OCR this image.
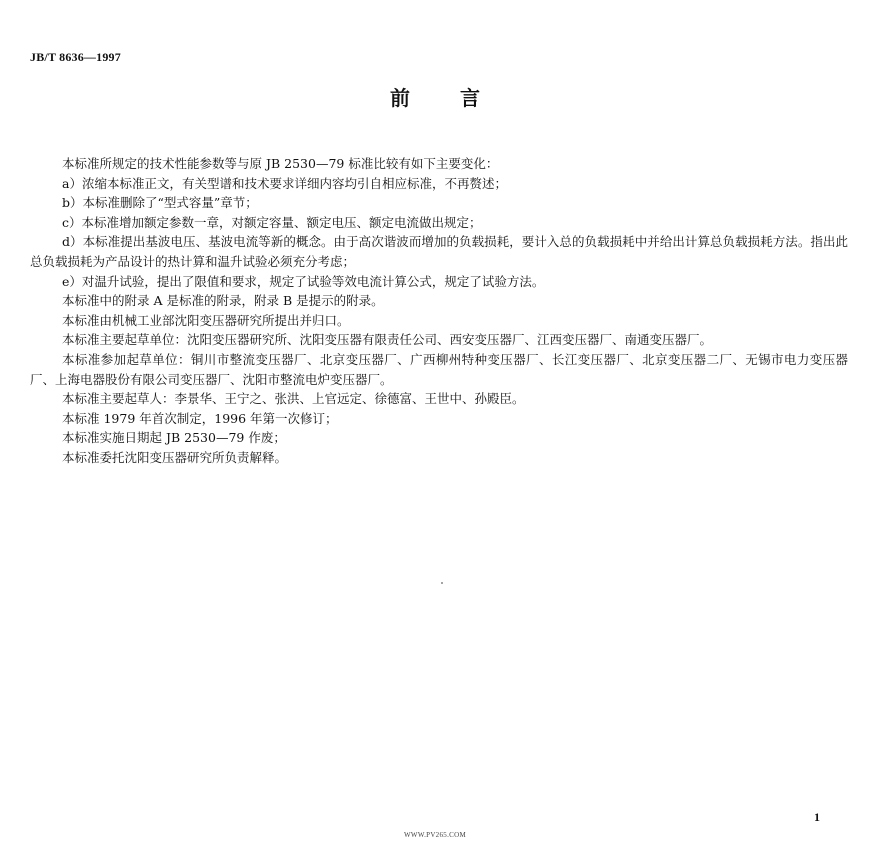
JB/T 8636—1997
前	言

本标准所规定的技术性能参数等与原 JB 2530—79 标准比较有如下主要变化：

a）浓缩本标准正文，有关型谱和技术要求详细内容均引自相应标准，不再赘述；

b）本标准删除了“型式容量”章节；

c）本标准增加额定参数一章，对额定容量、额定电压、额定电流做出规定；

d）本标准提出基波电压、基波电流等新的概念。由于高次谐波而增加的负载损耗，要计入总的负载损耗中并给出计算总负载损耗方法。指出此总负载损耗为产品设计的热计算和温升试验必须充分考虑；

e）对温升试验，提出了限值和要求，规定了试验等效电流计算公式，规定了试验方法。

本标准中的附录 A 是标准的附录，附录 B 是提示的附录。

本标准由机械工业部沈阳变压器研究所提出并归口。

本标准主要起草单位：沈阳变压器研究所、沈阳变压器有限责任公司、西安变压器厂、江西变压器厂、南通变压器厂。

本标准参加起草单位：铜川市整流变压器厂、北京变压器厂、广西柳州特种变压器厂、长江变压器厂、北京变压器二厂、无锡市电力变压器厂、上海电器股份有限公司变压器厂、沈阳市整流电炉变压器厂。

本标准主要起草人：李景华、王宁之、张洪、上官远定、徐德富、王世中、孙殿臣。

本标准 1979 年首次制定，1996 年第一次修订；

本标准实施日期起 JB 2530—79 作废；

本标准委托沈阳变压器研究所负责解释。

1
WWW.PV265.COM
